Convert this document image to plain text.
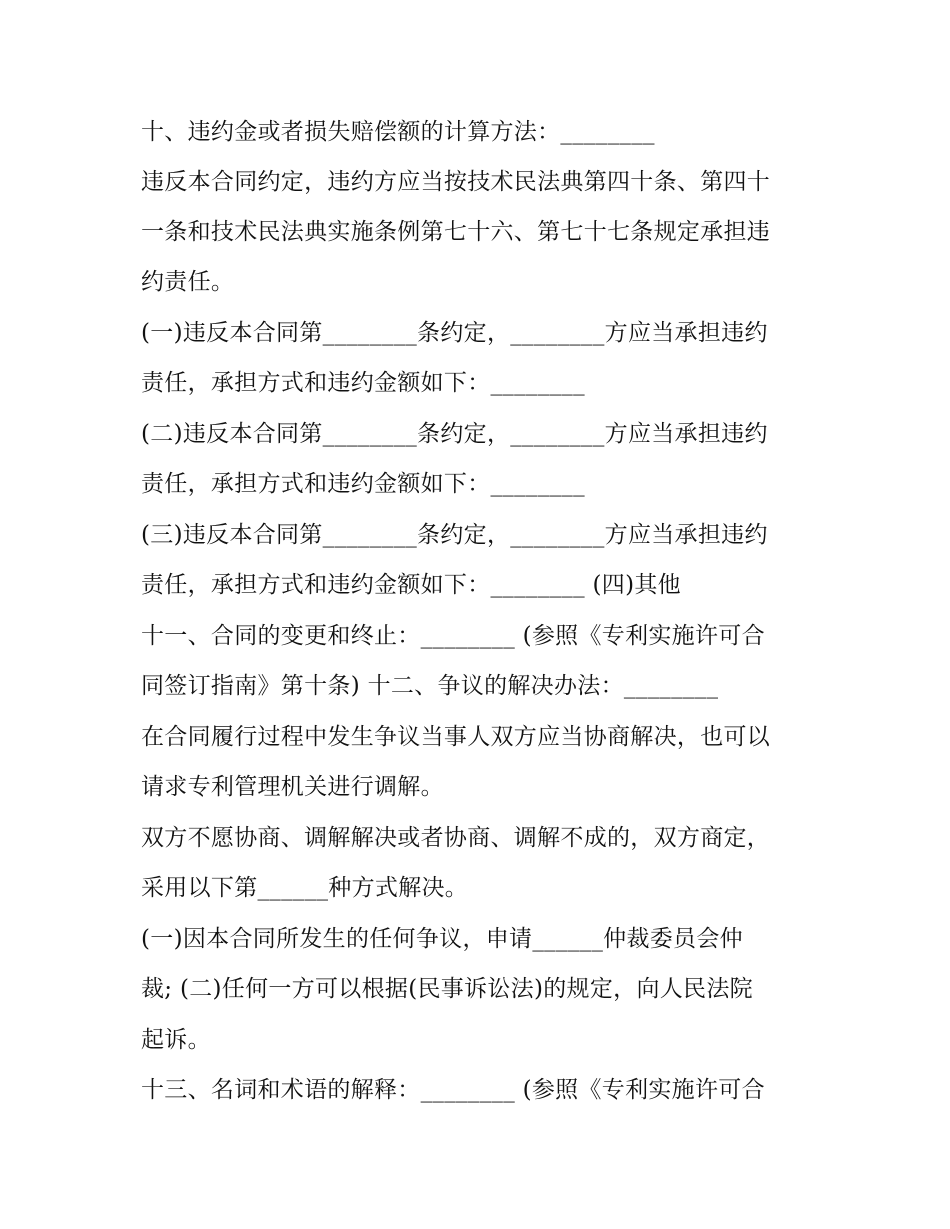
十、违约金或者损失赔偿额的计算方法：________
违反本合同约定，违约方应当按技术民法典第四十条、第四十
一条和技术民法典实施条例第七十六、第七十七条规定承担违
约责任。
(一)违反本合同第________条约定，________方应当承担违约
责任，承担方式和违约金额如下：________
(二)违反本合同第________条约定，________方应当承担违约
责任，承担方式和违约金额如下：________
(三)违反本合同第________条约定，________方应当承担违约
责任，承担方式和违约金额如下：________ (四)其他
十一、合同的变更和终止：________ (参照《专利实施许可合
同签订指南》第十条) 十二、争议的解决办法：________
在合同履行过程中发生争议当事人双方应当协商解决，也可以
请求专利管理机关进行调解。
双方不愿协商、调解解决或者协商、调解不成的，双方商定，
采用以下第______种方式解决。
(一)因本合同所发生的任何争议，申请______仲裁委员会仲
裁; (二)任何一方可以根据(民事诉讼法)的规定，向人民法院
起诉。
十三、名词和术语的解释：________ (参照《专利实施许可合
